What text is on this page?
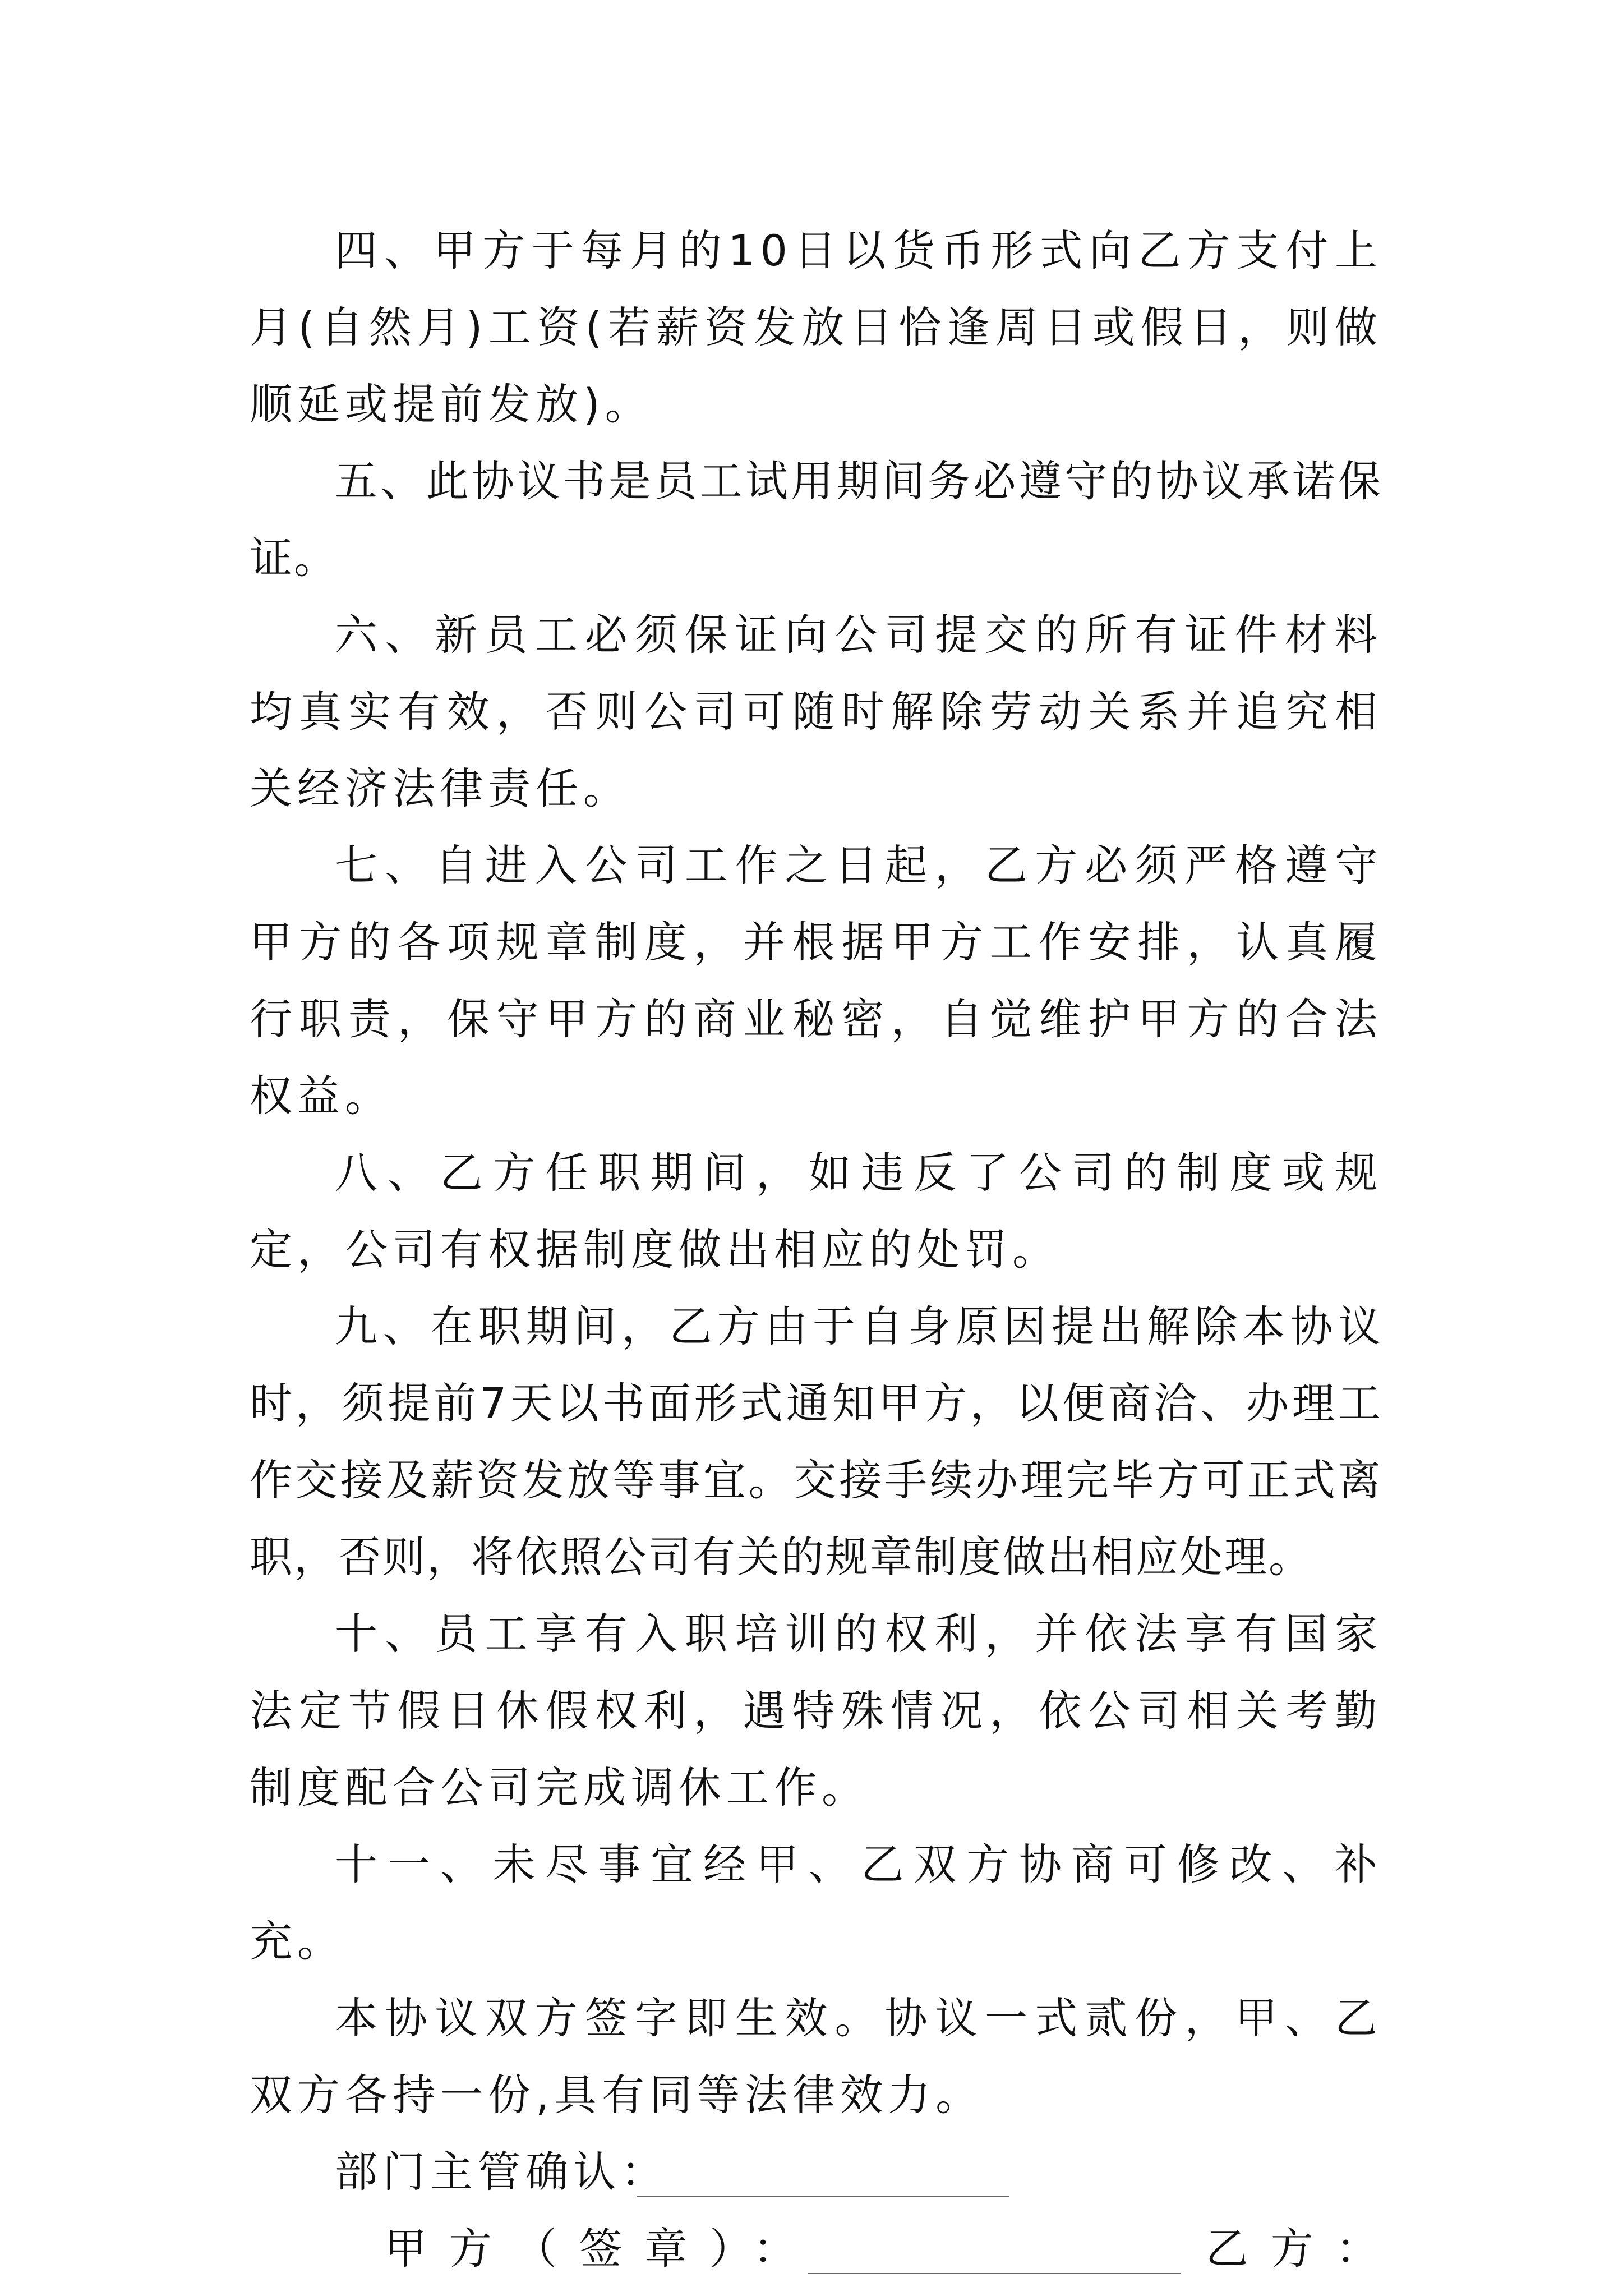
四、甲方于每月的10日以货币形式向乙方支付上月(自然月)工资(若薪资发放日恰逢周日或假日，则做顺延或提前发放)。

五、此协议书是员工试用期间务必遵守的协议承诺保证。

六、新员工必须保证向公司提交的所有证件材料均真实有效，否则公司可随时解除劳动关系并追究相关经济法律责任。

七、自进入公司工作之日起，乙方必须严格遵守甲方的各项规章制度，并根据甲方工作安排，认真履行职责，保守甲方的商业秘密，自觉维护甲方的合法权益。

八、乙方任职期间，如违反了公司的制度或规定，公司有权据制度做出相应的处罚。

九、在职期间，乙方由于自身原因提出解除本协议时，须提前7天以书面形式通知甲方，以便商洽、办理工作交接及薪资发放等事宜。交接手续办理完毕方可正式离职，否则，将依照公司有关的规章制度做出相应处理。

十、员工享有入职培训的权利，并依法享有国家法定节假日休假权利，遇特殊情况，依公司相关考勤制度配合公司完成调休工作。

十一、未尽事宜经甲、乙双方协商可修改、补充。

本协议双方签字即生效。协议一式贰份，甲、乙双方各持一份,具有同等法律效力。

部门主管确认：
甲方（签章）：	乙方：
